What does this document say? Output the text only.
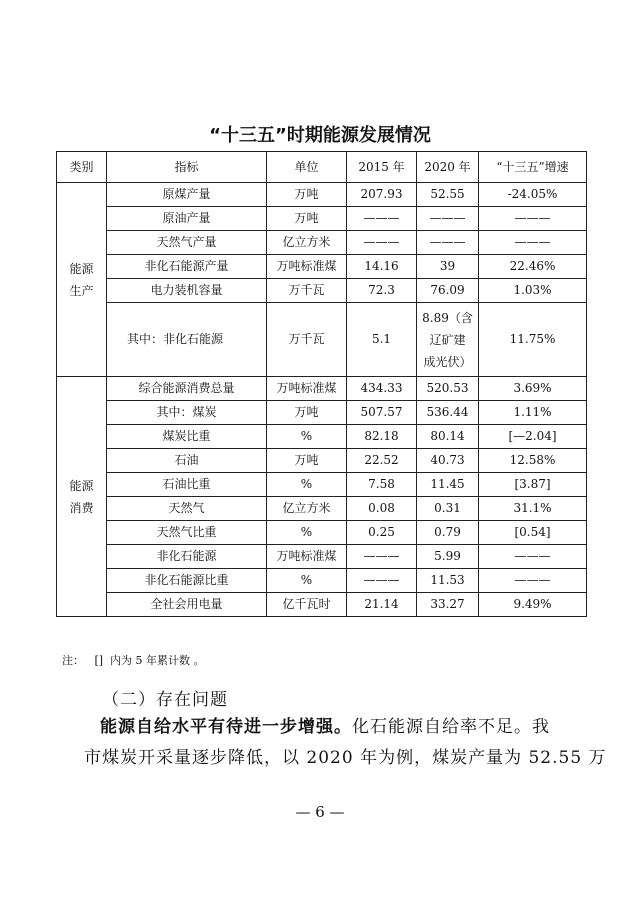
“十三五”时期能源发展情况
类别	指标	单位	2015 年	2020 年	“十三五”增速

能源
生产	原煤产量	万吨	207.93	52.55	-24.05%
	原油产量	万吨	———	———	———
	天然气产量	亿立方米	———	———	———
	非化石能源产量	万吨标准煤	14.16	39	22.46%
	电力装机容量	万千瓦	72.3	76.09	1.03%
	其中：非化石能源	万千瓦	5.1	8.89（含
辽矿建
成光伏）	11.75%

能源
消费	综合能源消费总量	万吨标准煤	434.33	520.53	3.69%
	其中：煤炭	万吨	507.57	536.44	1.11%
	煤炭比重	%	82.18	80.14	[—2.04]
	石油	万吨	22.52	40.73	12.58%
	石油比重	%	7.58	11.45	[3.87]
	天然气	亿立方米	0.08	0.31	31.1%
	天然气比重	%	0.25	0.79	[0.54]
	非化石能源	万吨标准煤	———	5.99	———
	非化石能源比重	%	———	11.53	———
	全社会用电量	亿千瓦时	21.14	33.27	9.49%
注：   []  内为 5 年累计数 。
（二）存在问题
能源自给水平有待进一步增强。化石能源自给率不足。我
市煤炭开采量逐步降低，以 2020 年为例，煤炭产量为 52.55 万
— 6 —
